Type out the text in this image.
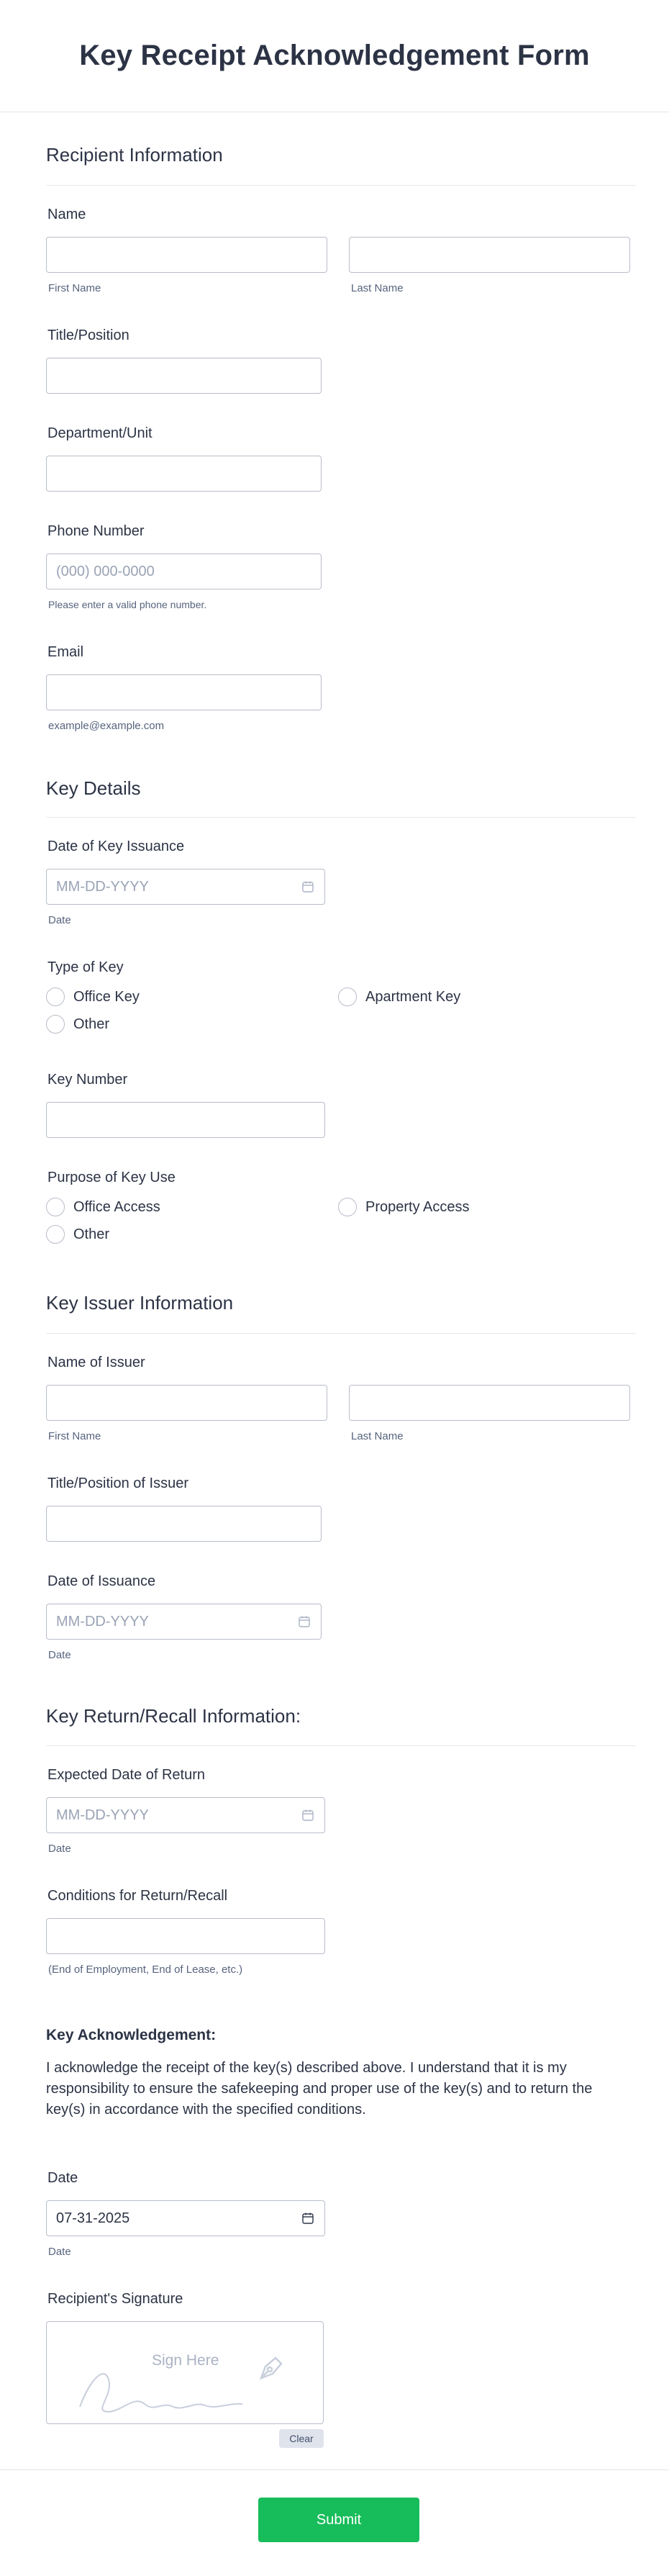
Key Receipt Acknowledgement Form
Recipient Information
Name
First Name	Last Name
Title/Position
Department/Unit
Phone Number
(000) 000-0000
Please enter a valid phone number.
Email
example@example.com
Key Details
Date of Key Issuance
MM-DD-YYYY
Date
Type of Key
Office Key	Apartment Key
Other
Key Number
Purpose of Key Use
Office Access	Property Access
Other
Key Issuer Information
Name of Issuer
First Name	Last Name
Title/Position of Issuer
Date of Issuance
MM-DD-YYYY
Date
Key Return/Recall Information:
Expected Date of Return
MM-DD-YYYY
Date
Conditions for Return/Recall
(End of Employment, End of Lease, etc.)
Key Acknowledgement:
I acknowledge the receipt of the key(s) described above. I understand that it is my responsibility to ensure the safekeeping and proper use of the key(s) and to return the key(s) in accordance with the specified conditions.
Date
07-31-2025
Date
Recipient's Signature
Sign Here
Clear
Submit
